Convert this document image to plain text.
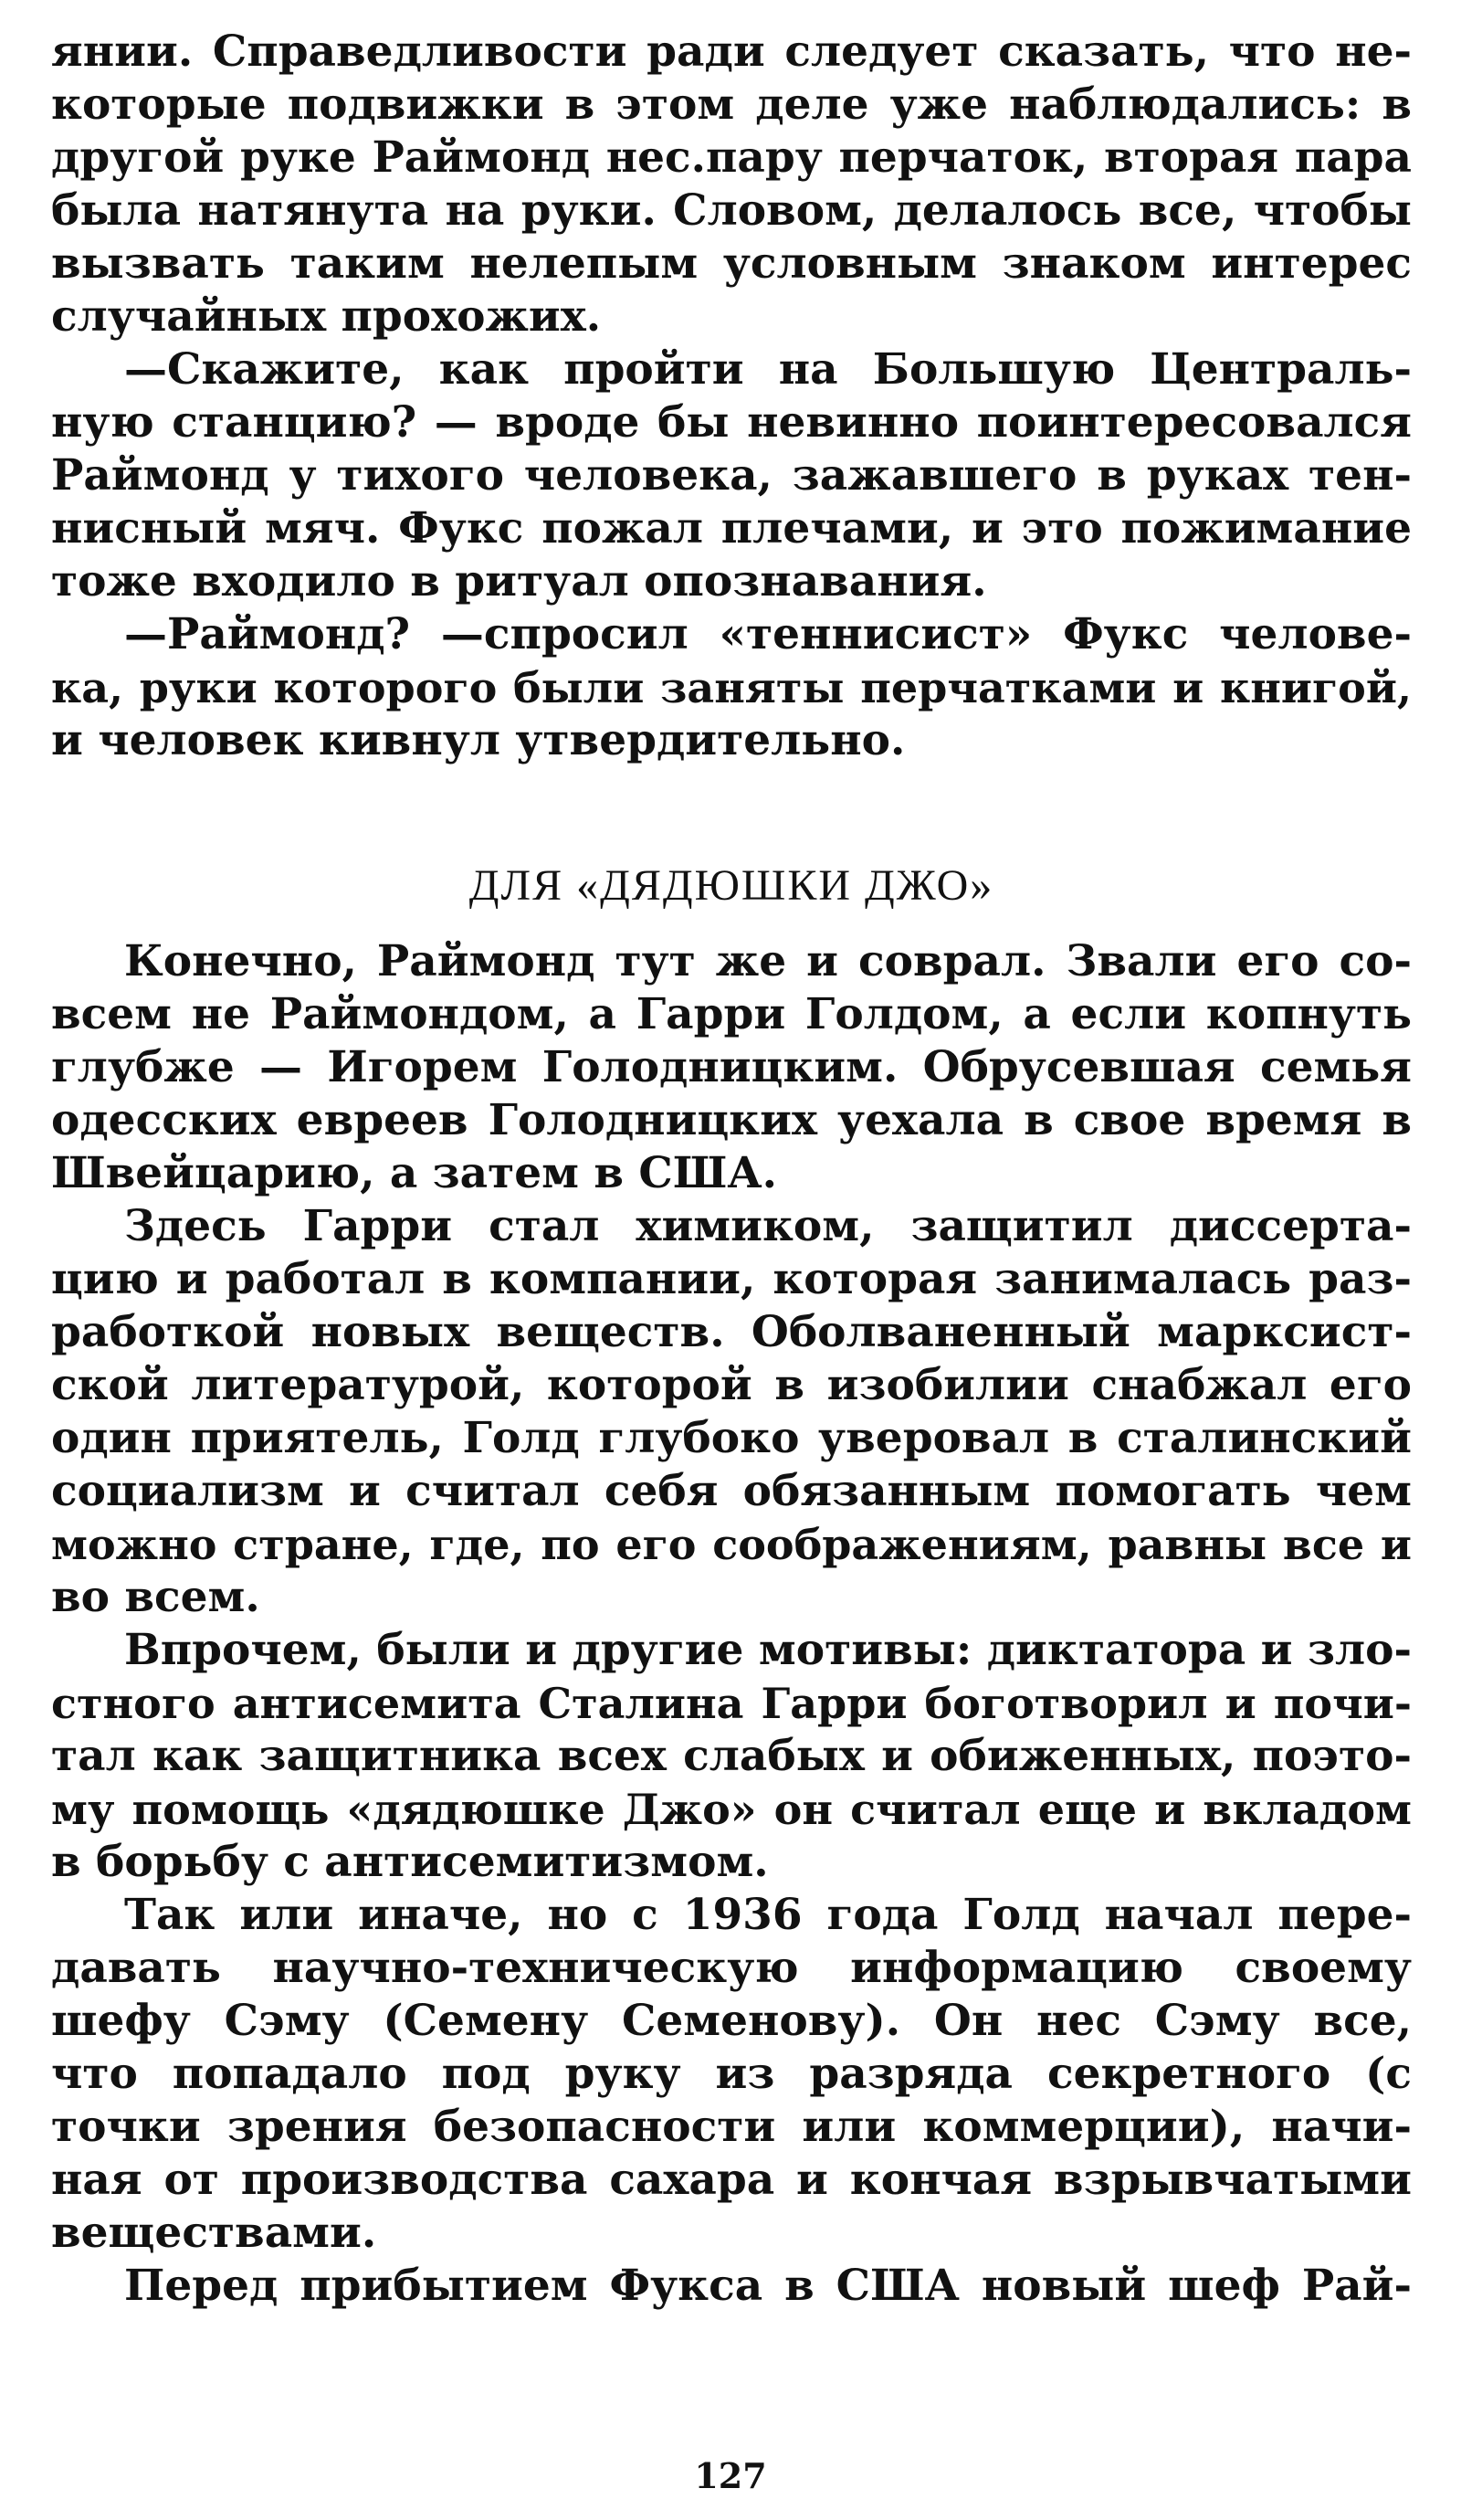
янии. Справедливости ради следует сказать, что не-
которые подвижки в этом деле уже наблюдались: в
другой руке Раймонд нес.пару перчаток, вторая пара
была натянута на руки. Словом, делалось все, чтобы
вызвать таким нелепым условным знаком интерес
случайных прохожих.
—Скажите, как пройти на Большую Централь-
ную станцию? — вроде бы невинно поинтересовался
Раймонд у тихого человека, зажавшего в руках тен-
нисный мяч. Фукс пожал плечами, и это пожимание
тоже входило в ритуал опознавания.
—Раймонд? —спросил «теннисист» Фукс челове-
ка, руки которого были заняты перчатками и книгой,
и человек кивнул утвердительно.
ДЛЯ «ДЯДЮШКИ ДЖО»
Конечно, Раймонд тут же и соврал. Звали его со-
всем не Раймондом, а Гарри Голдом, а если копнуть
глубже — Игорем Голодницким. Обрусевшая семья
одесских евреев Голодницких уехала в свое время в
Швейцарию, а затем в США.
Здесь Гарри стал химиком, защитил диссерта-
цию и работал в компании, которая занималась раз-
работкой новых веществ. Оболваненный марксист-
ской литературой, которой в изобилии снабжал его
один приятель, Голд глубоко уверовал в сталинский
социализм и считал себя обязанным помогать чем
можно стране, где, по его соображениям, равны все и
во всем.
Впрочем, были и другие мотивы: диктатора и зло-
стного антисемита Сталина Гарри боготворил и почи-
тал как защитника всех слабых и обиженных, поэто-
му помощь «дядюшке Джо» он считал еще и вкладом
в борьбу с антисемитизмом.
Так или иначе, но с 1936 года Голд начал пере-
давать научно-техническую информацию своему
шефу Сэму (Семену Семенову). Он нес Сэму все,
что попадало под руку из разряда секретного (с
точки зрения безопасности или коммерции), начи-
ная от производства сахара и кончая взрывчатыми
веществами.
Перед прибытием Фукса в США новый шеф Рай-
127
